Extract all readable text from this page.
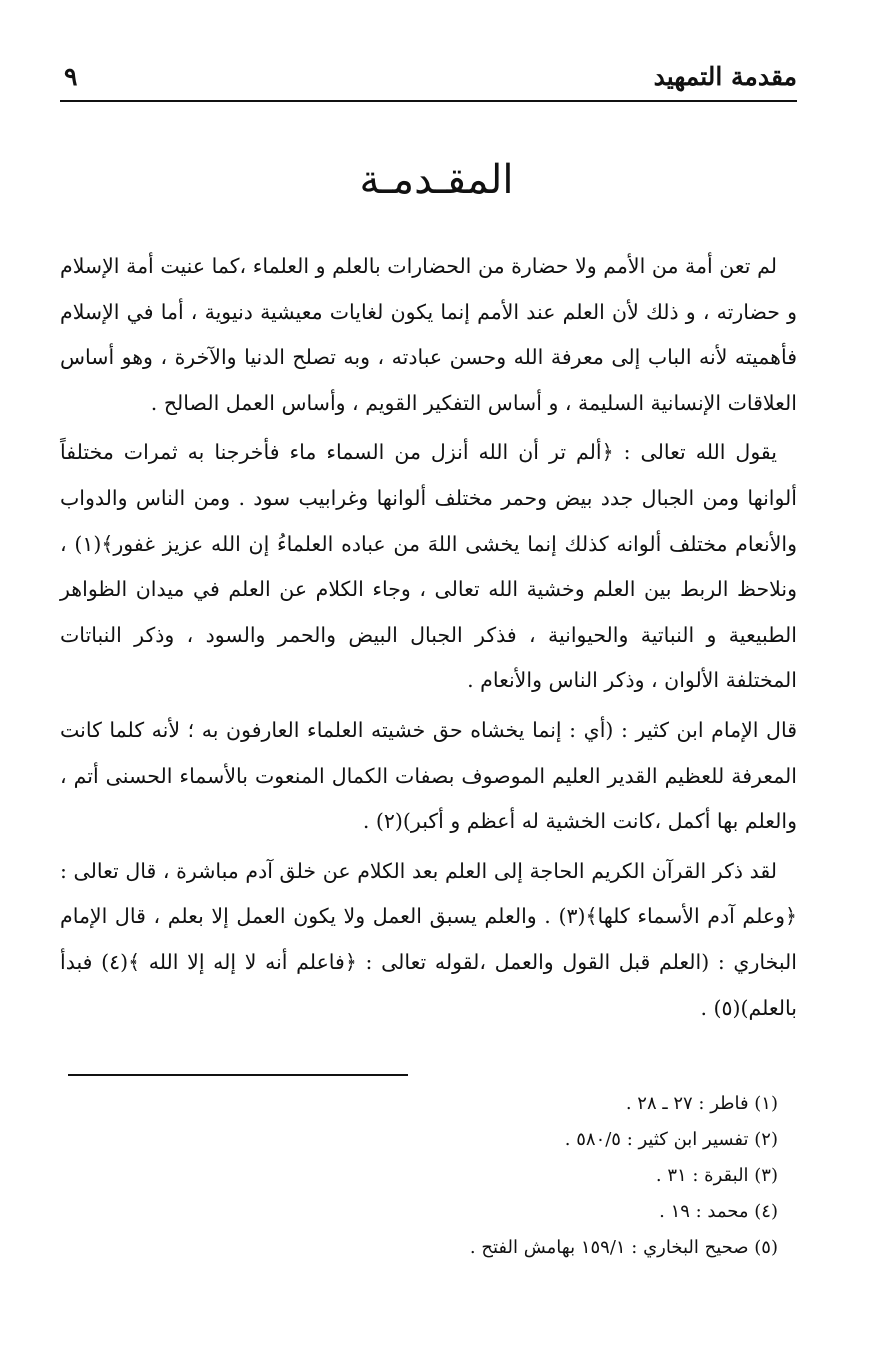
مقدمة التمهيد
٩
المقـدمـة

لم تعن أمة من الأمم ولا حضارة من الحضارات بالعلم و العلماء ،كما عنيت أمة الإسلام و حضارته ، و ذلك لأن العلم عند الأمم إنما يكون لغايات معيشية دنيوية ، أما في الإسلام فأهميته لأنه الباب إلى معرفة الله وحسن عبادته ، وبه تصلح الدنيا والآخرة ، وهو أساس العلاقات الإنسانية السليمة ، و أساس التفكير القويم ، وأساس العمل الصالح .

يقول الله تعالى : ﴿ألم تر أن الله أنزل من السماء ماء فأخرجنا به ثمرات مختلفاً ألوانها ومن الجبال جدد بيض وحمر مختلف ألوانها وغرابيب سود . ومن الناس والدواب والأنعام مختلف ألوانه كذلك إنما يخشى اللهَ من عباده العلماءُ إن الله عزيز غفور﴾(١) ، ونلاحظ الربط بين العلم وخشية الله تعالى ، وجاء الكلام عن العلم في ميدان الظواهر الطبيعية و النباتية والحيوانية ، فذكر الجبال البيض والحمر والسود ، وذكر النباتات المختلفة الألوان ، وذكر الناس والأنعام .

قال الإمام ابن كثير : (أي : إنما يخشاه حق خشيته العلماء العارفون به ؛ لأنه كلما كانت المعرفة للعظيم القدير العليم الموصوف بصفات الكمال المنعوت بالأسماء الحسنى أتم ، والعلم بها أكمل ،كانت الخشية له أعظم و أكبر)(٢) .

لقد ذكر القرآن الكريم الحاجة إلى العلم بعد الكلام عن خلق آدم مباشرة ، قال تعالى : ﴿وعلم آدم الأسماء كلها﴾(٣) . والعلم يسبق العمل ولا يكون العمل إلا بعلم ، قال الإمام البخاري : (العلم قبل القول والعمل ،لقوله تعالى : ﴿فاعلم أنه لا إله إلا الله ﴾(٤) فبدأ بالعلم)(٥) .

(١) فاطر : ٢٧ ـ ٢٨ .
(٢) تفسير ابن كثير : ٥٨٠/٥ .
(٣) البقرة : ٣١ .
(٤) محمد : ١٩ .
(٥) صحيح البخاري : ١٥٩/١ بهامش الفتح .
